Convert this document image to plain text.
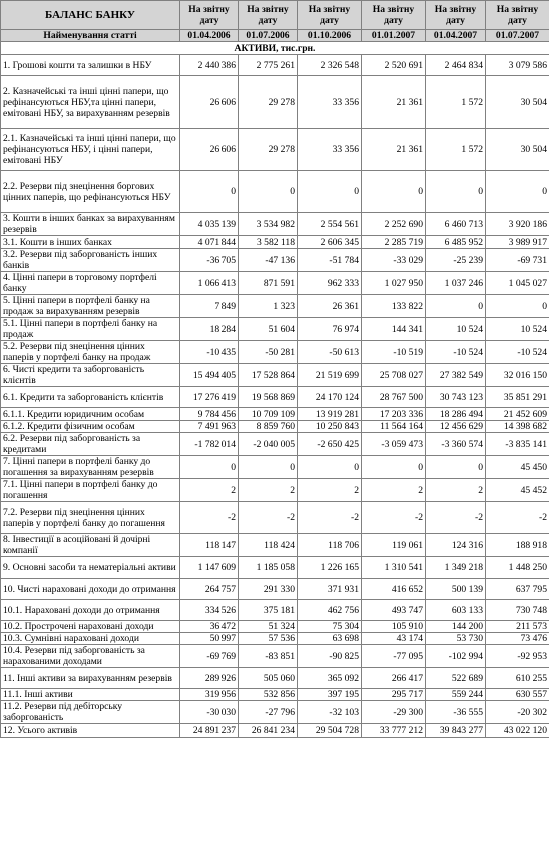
БАЛАНС БАНКУ	На звітну дату	На звітну дату	На звітну дату	На звітну дату	На звітну дату	На звітну дату
Найменування статті	01.04.2006	01.07.2006	01.10.2006	01.01.2007	01.04.2007	01.07.2007
АКТИВИ, тис.грн.						
1. Грошові кошти та залишки в НБУ	2 440 386	2 775 261	2 326 548	2 520 691	2 464 834	3 079 586
2. Казначейські та інші цінні папери, що рефінансуються НБУ,та цінні папери, емітовані НБУ, за вирахуванням резервів	26 606	29 278	33 356	21 361	1 572	30 504
2.1. Казначейські та інші цінні папери, що рефінансуються НБУ, і цінні папери, емітовані НБУ	26 606	29 278	33 356	21 361	1 572	30 504
2.2. Резерви під знецінення боргових цінних паперів, що рефінансуються НБУ	0	0	0	0	0	0
3. Кошти в інших банках за вирахуванням резервів	4 035 139	3 534 982	2 554 561	2 252 690	6 460 713	3 920 186
3.1. Кошти в інших банках	4 071 844	3 582 118	2 606 345	2 285 719	6 485 952	3 989 917
3.2. Резерви під заборгованість інших банків	-36 705	-47 136	-51 784	-33 029	-25 239	-69 731
4. Цінні папери в торговому портфелі банку	1 066 413	871 591	962 333	1 027 950	1 037 246	1 045 027
5. Цінні папери в портфелі банку на продаж за вирахуванням резервів	7 849	1 323	26 361	133 822	0	0
5.1. Цінні папери в портфелі банку на продаж	18 284	51 604	76 974	144 341	10 524	10 524
5.2. Резерви під знецінення цінних паперів у портфелі банку на продаж	-10 435	-50 281	-50 613	-10 519	-10 524	-10 524
6. Чисті кредити та заборгованість клієнтів	15 494 405	17 528 864	21 519 699	25 708 027	27 382 549	32 016 150
6.1. Кредити та заборгованість клієнтів	17 276 419	19 568 869	24 170 124	28 767 500	30 743 123	35 851 291
6.1.1. Кредити юридичним особам	9 784 456	10 709 109	13 919 281	17 203 336	18 286 494	21 452 609
6.1.2. Кредити фізичним особам	7 491 963	8 859 760	10 250 843	11 564 164	12 456 629	14 398 682
6.2. Резерви під заборгованість за кредитами	-1 782 014	-2 040 005	-2 650 425	-3 059 473	-3 360 574	-3 835 141
7. Цінні папери в портфелі банку до погашення за вирахуванням резервів	0	0	0	0	0	45 450
7.1. Цінні папери в портфелі банку до погашення	2	2	2	2	2	45 452
7.2. Резерви під знецінення цінних паперів у портфелі банку до погашення	-2	-2	-2	-2	-2	-2
8. Інвестиції в асоційовані й дочірні компанії	118 147	118 424	118 706	119 061	124 316	188 918
9. Основні засоби та нематеріальні активи	1 147 609	1 185 058	1 226 165	1 310 541	1 349 218	1 448 250
10. Чисті нараховані доходи до отримання	264 757	291 330	371 931	416 652	500 139	637 795
10.1. Нараховані доходи до отримання	334 526	375 181	462 756	493 747	603 133	730 748
10.2. Прострочені нараховані доходи	36 472	51 324	75 304	105 910	144 200	211 573
10.3. Сумнівні нараховані доходи	50 997	57 536	63 698	43 174	53 730	73 476
10.4. Резерви під заборгованість за нарахованими доходами	-69 769	-83 851	-90 825	-77 095	-102 994	-92 953
11. Інші активи за вирахуванням резервів	289 926	505 060	365 092	266 417	522 689	610 255
11.1. Інші активи	319 956	532 856	397 195	295 717	559 244	630 557
11.2. Резерви під дебіторську заборгованість	-30 030	-27 796	-32 103	-29 300	-36 555	-20 302
12. Усього активів	24 891 237	26 841 234	29 504 728	33 777 212	39 843 277	43 022 120
